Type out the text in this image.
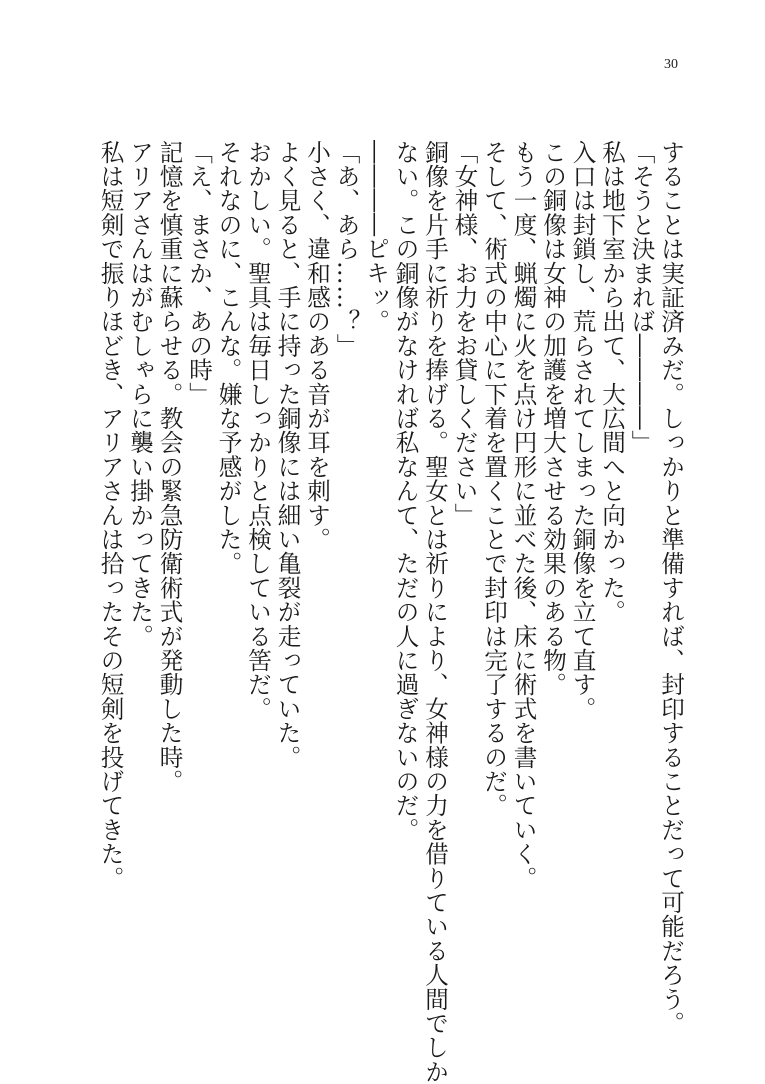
30

することは実証済みだ。しっかりと準備すれば、封印することだって可能だろう。

「そうと決まれば――――」

私は地下室から出て、大広間へと向かった。

入口は封鎖し、荒らされてしまった銅像を立て直す。

この銅像は女神の加護を増大させる効果のある物。

もう一度、蝋燭に火を点け円形に並べた後、床に術式を書いていく。

そして、術式の中心に下着を置くことで封印は完了するのだ。

「女神様、お力をお貸しください」

銅像を片手に祈りを捧げる。聖女とは祈りにより、女神様の力を借りている人間でしか

ない。この銅像がなければ私なんて、ただの人に過ぎないのだ。

――――ピキッ。

「あ、あら……？」

小さく、違和感のある音が耳を刺す。

よく見ると、手に持った銅像には細い亀裂が走っていた。

おかしい。聖具は毎日しっかりと点検している筈だ。

それなのに、こんな。嫌な予感がした。

「え、まさか、あの時」

記憶を慎重に蘇らせる。教会の緊急防衛術式が発動した時。

アリアさんはがむしゃらに襲い掛かってきた。

私は短剣で振りほどき、アリアさんは拾ったその短剣を投げてきた。
